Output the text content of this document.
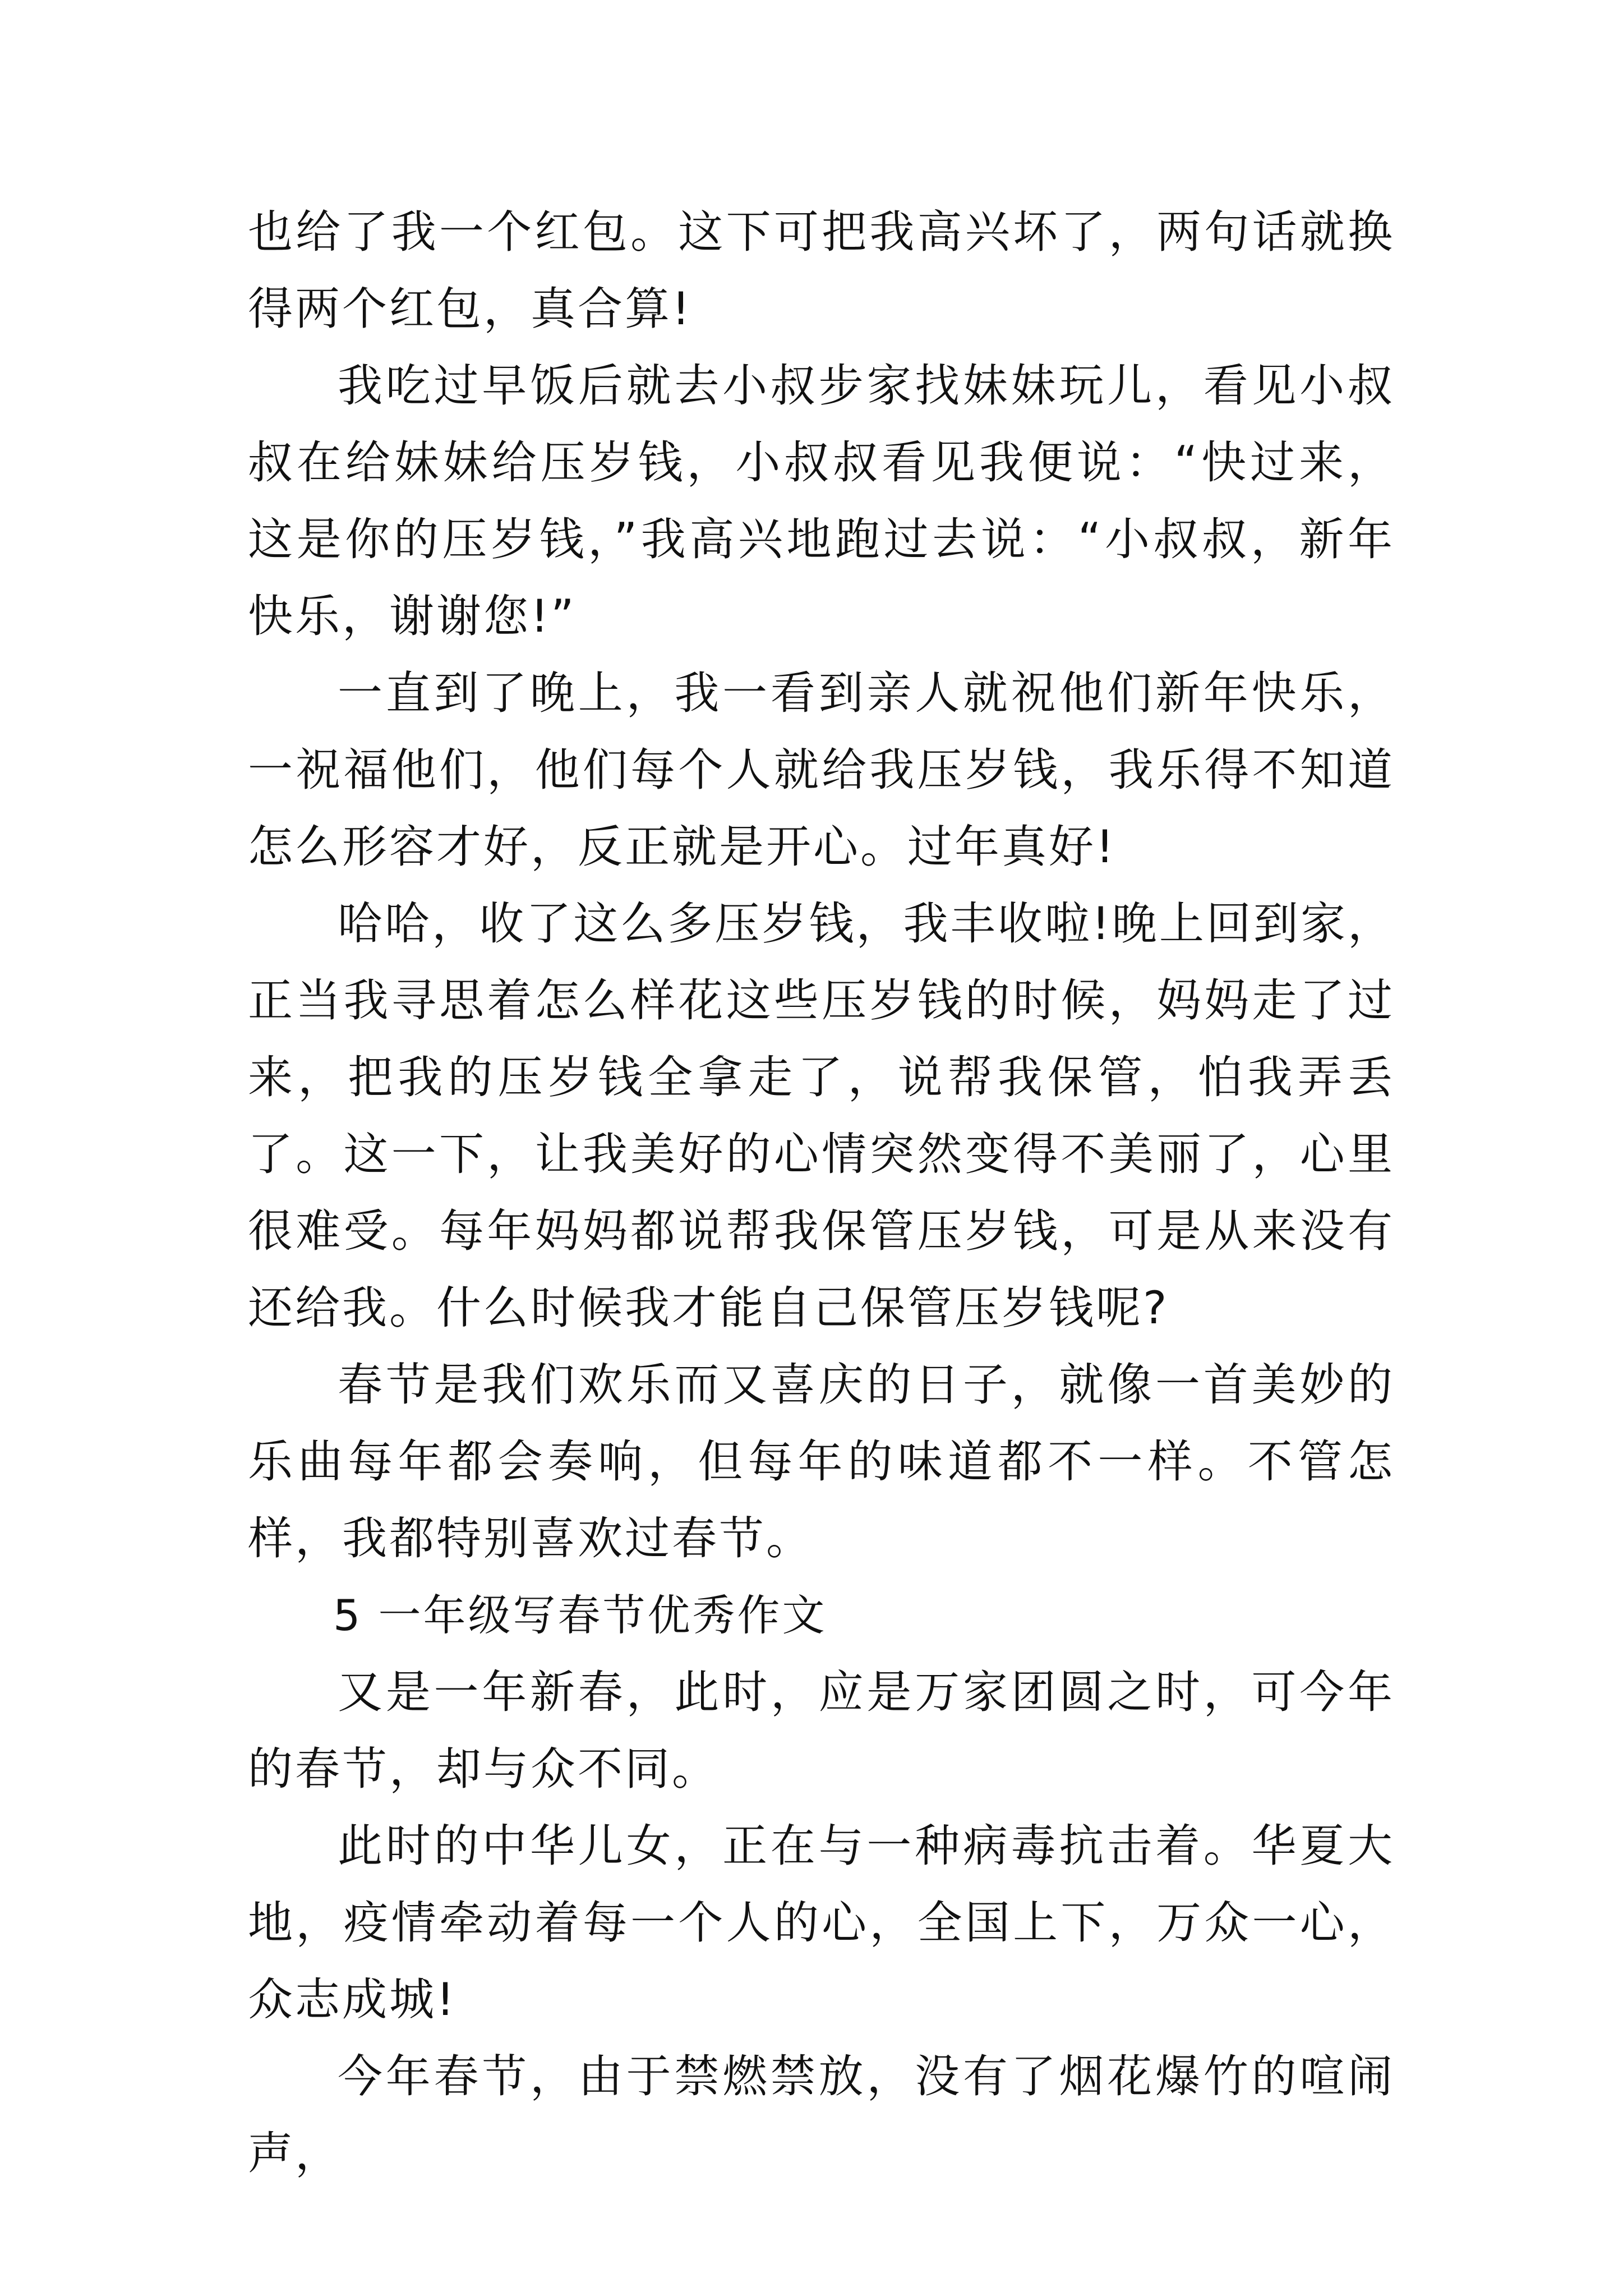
也给了我一个红包。这下可把我高兴坏了，两句话就换得两个红包，真合算!

我吃过早饭后就去小叔步家找妹妹玩儿，看见小叔叔在给妹妹给压岁钱，小叔叔看见我便说：“快过来，这是你的压岁钱，”我高兴地跑过去说：“小叔叔，新年快乐，谢谢您!”

一直到了晚上，我一看到亲人就祝他们新年快乐，一祝福他们，他们每个人就给我压岁钱，我乐得不知道怎么形容才好，反正就是开心。过年真好!

哈哈，收了这么多压岁钱，我丰收啦!晚上回到家，正当我寻思着怎么样花这些压岁钱的时候，妈妈走了过来，把我的压岁钱全拿走了，说帮我保管，怕我弄丢了。这一下，让我美好的心情突然变得不美丽了，心里很难受。每年妈妈都说帮我保管压岁钱，可是从来没有还给我。什么时候我才能自己保管压岁钱呢?

春节是我们欢乐而又喜庆的日子，就像一首美妙的乐曲每年都会奏响，但每年的味道都不一样。不管怎样，我都特别喜欢过春节。

5 一年级写春节优秀作文

又是一年新春，此时，应是万家团圆之时，可今年的春节，却与众不同。

此时的中华儿女，正在与一种病毒抗击着。华夏大地，疫情牵动着每一个人的心，全国上下，万众一心，众志成城!

今年春节，由于禁燃禁放，没有了烟花爆竹的喧闹声，
